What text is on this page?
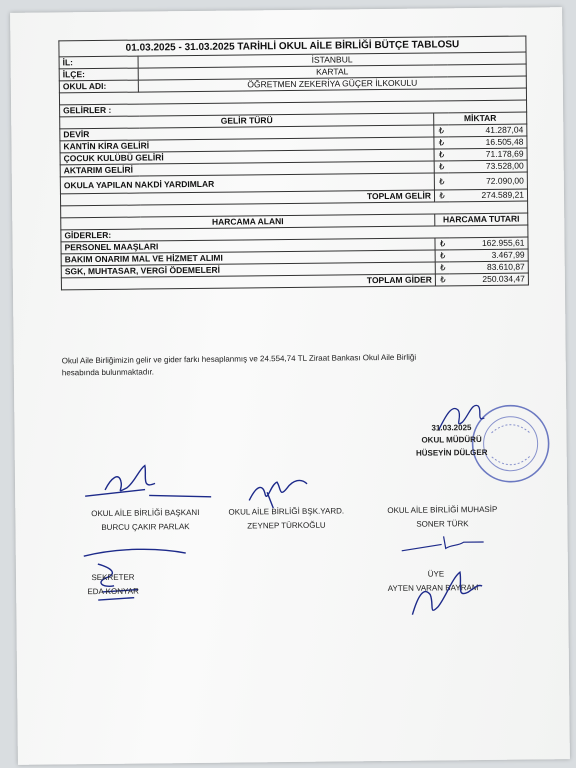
01.03.2025 - 31.03.2025 TARİHLİ OKUL AİLE BİRLİĞİ BÜTÇE TABLOSU			
İL:	İSTANBUL		
İLÇE:	KARTAL		
OKUL ADI:	ÖĞRETMEN ZEKERİYA GÜÇER İLKOKULU		

GELİRLER :			
GELİR TÜRÜ		MİKTAR	
DEVİR		₺	41.287,04
KANTİN KİRA GELİRİ		₺	16.505,48
ÇOCUK KULÜBÜ GELİRİ		₺	71.178,69
AKTARIM GELİRİ		₺	73.528,00
OKULA YAPILAN NAKDİ YARDIMLAR		₺	72.090,00
TOPLAM GELİR		₺	274.589,21

HARCAMA ALANI		HARCAMA TUTARI	
GİDERLER:			
PERSONEL MAAŞLARI		₺	162.955,61
BAKIM ONARIM MAL VE HİZMET ALIMI		₺	3.467,99
SGK, MUHTASAR, VERGİ ÖDEMELERİ		₺	83.610,87
TOPLAM GİDER		₺	250.034,47
Okul Aile Birliğimizin gelir ve gider farkı hesaplanmış ve 24.554,74 TL Ziraat Bankası Okul Aile Birliği
hesabında bulunmaktadır.
31.03.2025
OKUL MÜDÜRÜ
HÜSEYİN DÜLGER
OKUL AİLE BİRLİĞİ BAŞKANI
BURCU ÇAKIR PARLAK
OKUL AİLE BİRLİĞİ BŞK.YARD.
ZEYNEP TÜRKOĞLU
OKUL AİLE BİRLİĞİ MUHASİP
SONER TÜRK
SEKRETER
EDA KONYAR
ÜYE
AYTEN VARAN BAYRAM
